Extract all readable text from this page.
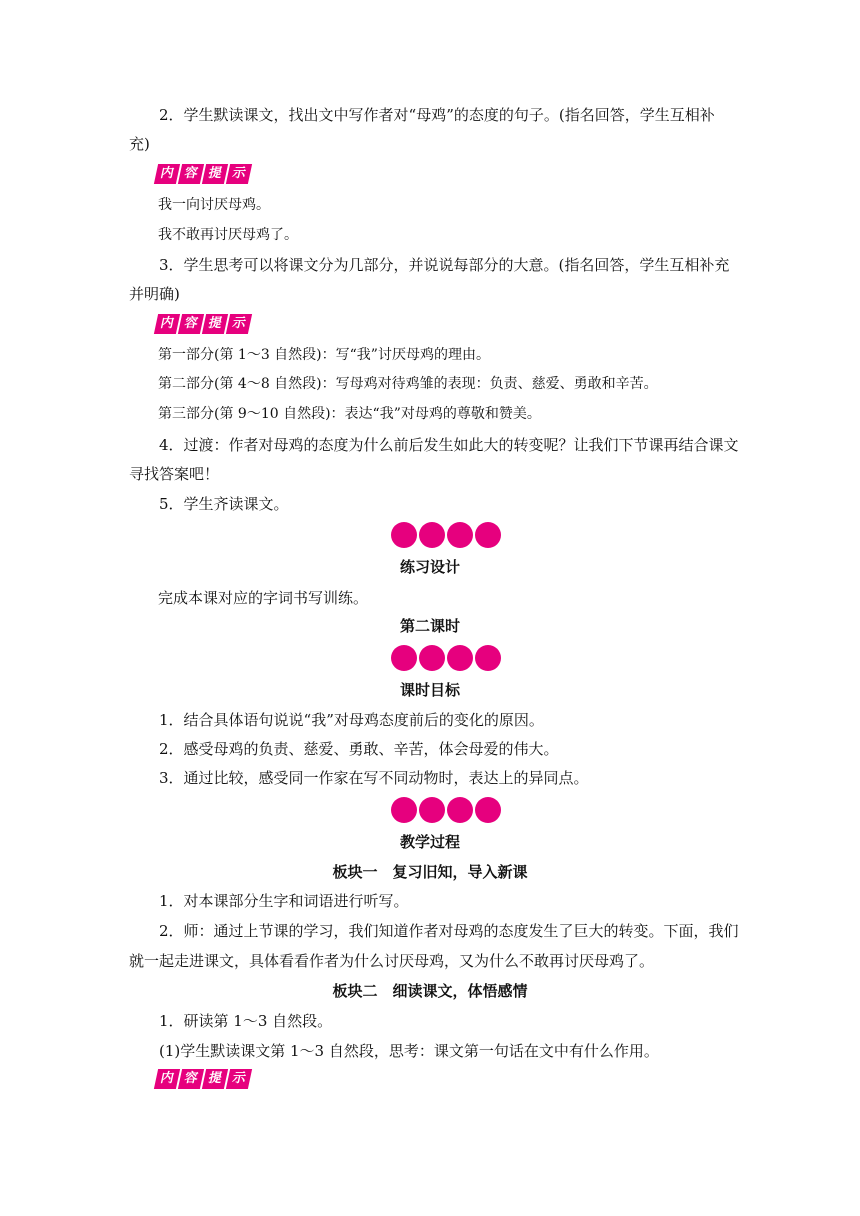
2．学生默读课文，找出文中写作者对“母鸡”的态度的句子。(指名回答，学生互相补
充)
内 容 提 示
我一向讨厌母鸡。
我不敢再讨厌母鸡了。
3．学生思考可以将课文分为几部分，并说说每部分的大意。(指名回答，学生互相补充
并明确)
内 容 提 示
第一部分(第 1～3 自然段)：写“我”讨厌母鸡的理由。
第二部分(第 4～8 自然段)：写母鸡对待鸡雏的表现：负责、慈爱、勇敢和辛苦。
第三部分(第 9～10 自然段)：表达“我”对母鸡的尊敬和赞美。
4．过渡：作者对母鸡的态度为什么前后发生如此大的转变呢？让我们下节课再结合课文
寻找答案吧！
5．学生齐读课文。
练习设计
完成本课对应的字词书写训练。
第二课时
课时目标
1．结合具体语句说说“我”对母鸡态度前后的变化的原因。
2．感受母鸡的负责、慈爱、勇敢、辛苦，体会母爱的伟大。
3．通过比较，感受同一作家在写不同动物时，表达上的异同点。
教学过程
板块一　复习旧知，导入新课
1．对本课部分生字和词语进行听写。
2．师：通过上节课的学习，我们知道作者对母鸡的态度发生了巨大的转变。下面，我们
就一起走进课文，具体看看作者为什么讨厌母鸡，又为什么不敢再讨厌母鸡了。
板块二　细读课文，体悟感情
1．研读第 1～3 自然段。
(1)学生默读课文第 1～3 自然段，思考：课文第一句话在文中有什么作用。
内 容 提 示
